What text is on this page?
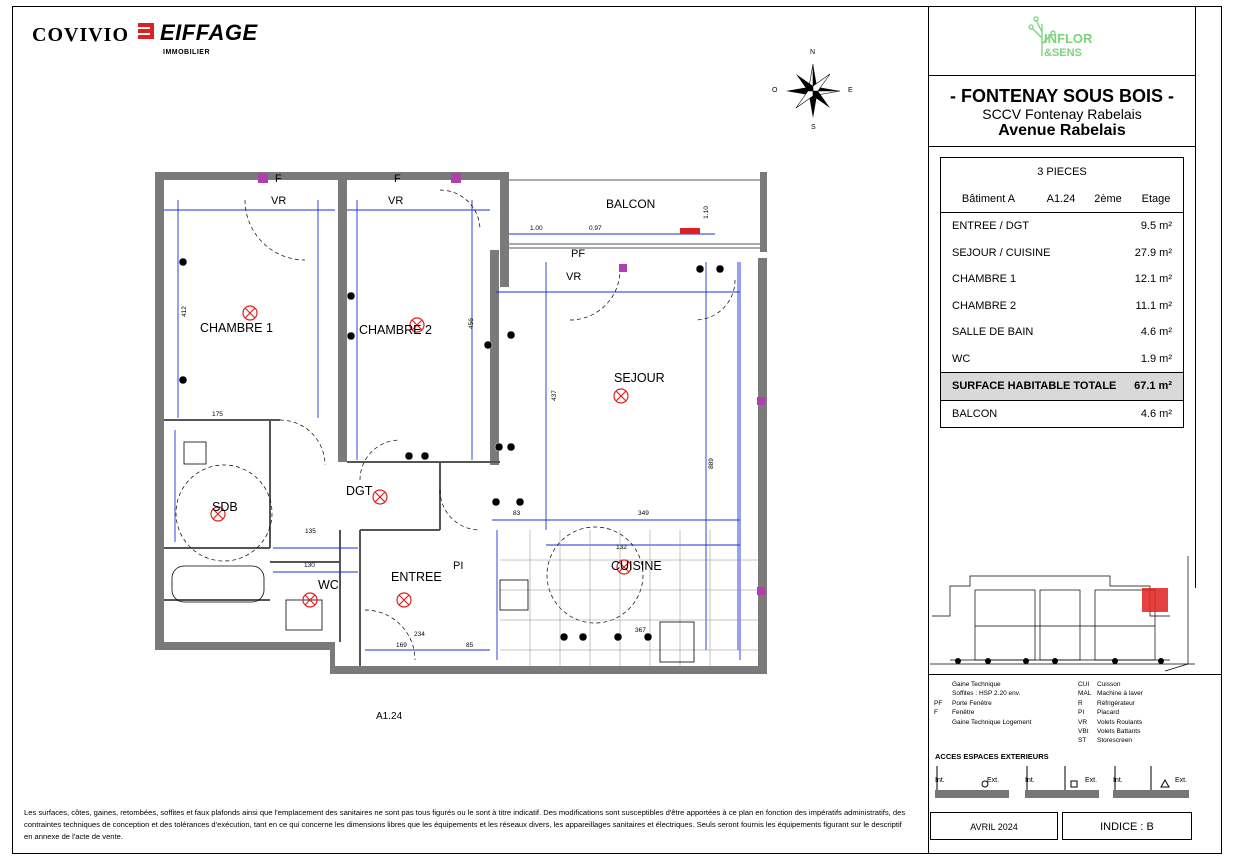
COVIVIO EIFFAGE
IMMOBILIER	N
S
E
O
CHAMBRE 1	CHAMBRE 2
SEJOUR
CUISINE
ENTREE
DGT
SDB
WC
BALCON
F	F
VR	VR
VR
PF
PI
175
349
135
130
234
169	85
1.00	0.97
1.10
412
456
437
889
132
367
83
A1.24
Les surfaces, côtes, gaines, retombées, soffites et faux plafonds ainsi que l'emplacement des sanitaires ne sont pas tous figurés ou le sont à titre indicatif. Des modifications sont susceptibles d'être apportées à ce plan en fonction des impératifs administratifs, des contraintes techniques de conception et des tolérances d'exécution, tant en ce qui concerne les dimensions libres que les équipements et les réseaux divers, les appareillages sanitaires et électriques. Seuls seront fournis les équipements figurant sur le descriptif en annexe de l'acte de vente.
INFLOR
&SENS
- FONTENAY SOUS BOIS -
SCCV Fontenay Rabelais
Avenue Rabelais
3 PIECES
Bâtiment A	A1.24	2ème	Etage
ENTREE / DGT	9.5 m²
SEJOUR / CUISINE	27.9 m²
CHAMBRE 1	12.1 m²
CHAMBRE 2	11.1 m²
SALLE DE BAIN	4.6 m²
WC	1.9 m²
SURFACE HABITABLE TOTALE 67.1 m²
BALCON	4.6 m²
Gaine Technique
Soffites : HSP 2.20 env.
PF	Porte Fenêtre
F	Fenêtre
Gaine Technique Logement
CUI	Cuisson
MAL Machine à laver
R	Réfrigérateur
PI	Placard
VR	Volets Roulants
VBt	Volets Battants
ST	Storescreen
ACCES ESPACES EXTERIEURS
Int.	Ext.	Int.	Ext. Int.	Ext.
AVRIL 2024	INDICE : B
